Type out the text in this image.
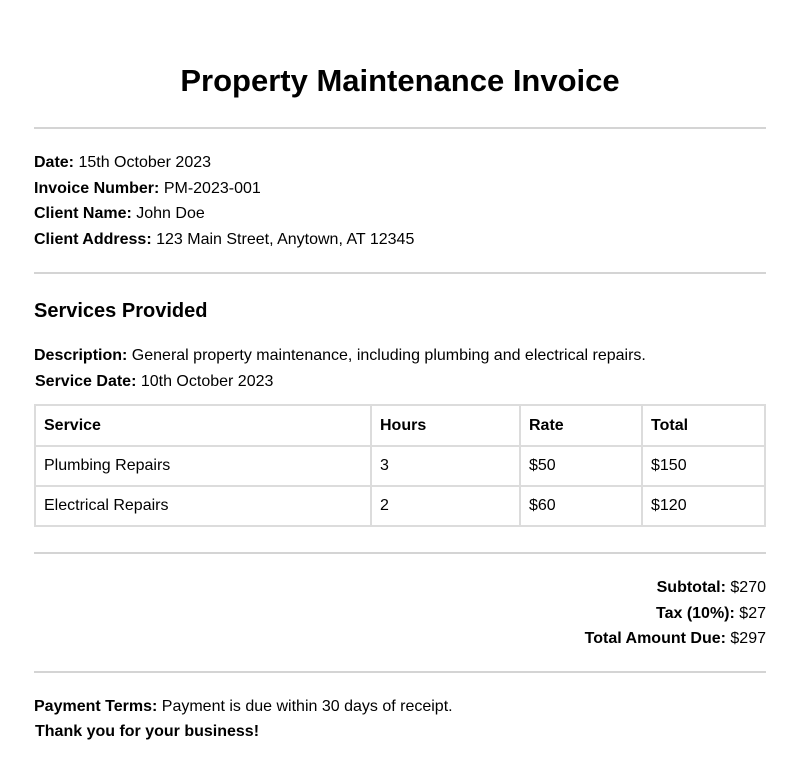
Property Maintenance Invoice
Date: 15th October 2023
Invoice Number: PM-2023-001
Client Name: John Doe
Client Address: 123 Main Street, Anytown, AT 12345
Services Provided
Description: General property maintenance, including plumbing and electrical repairs.
Service Date: 10th October 2023
Service	Hours	Rate	Total
Plumbing Repairs	3	$50	$150
Electrical Repairs	2	$60	$120
Subtotal: $270
Tax (10%): $27
Total Amount Due: $297
Payment Terms: Payment is due within 30 days of receipt.
Thank you for your business!
